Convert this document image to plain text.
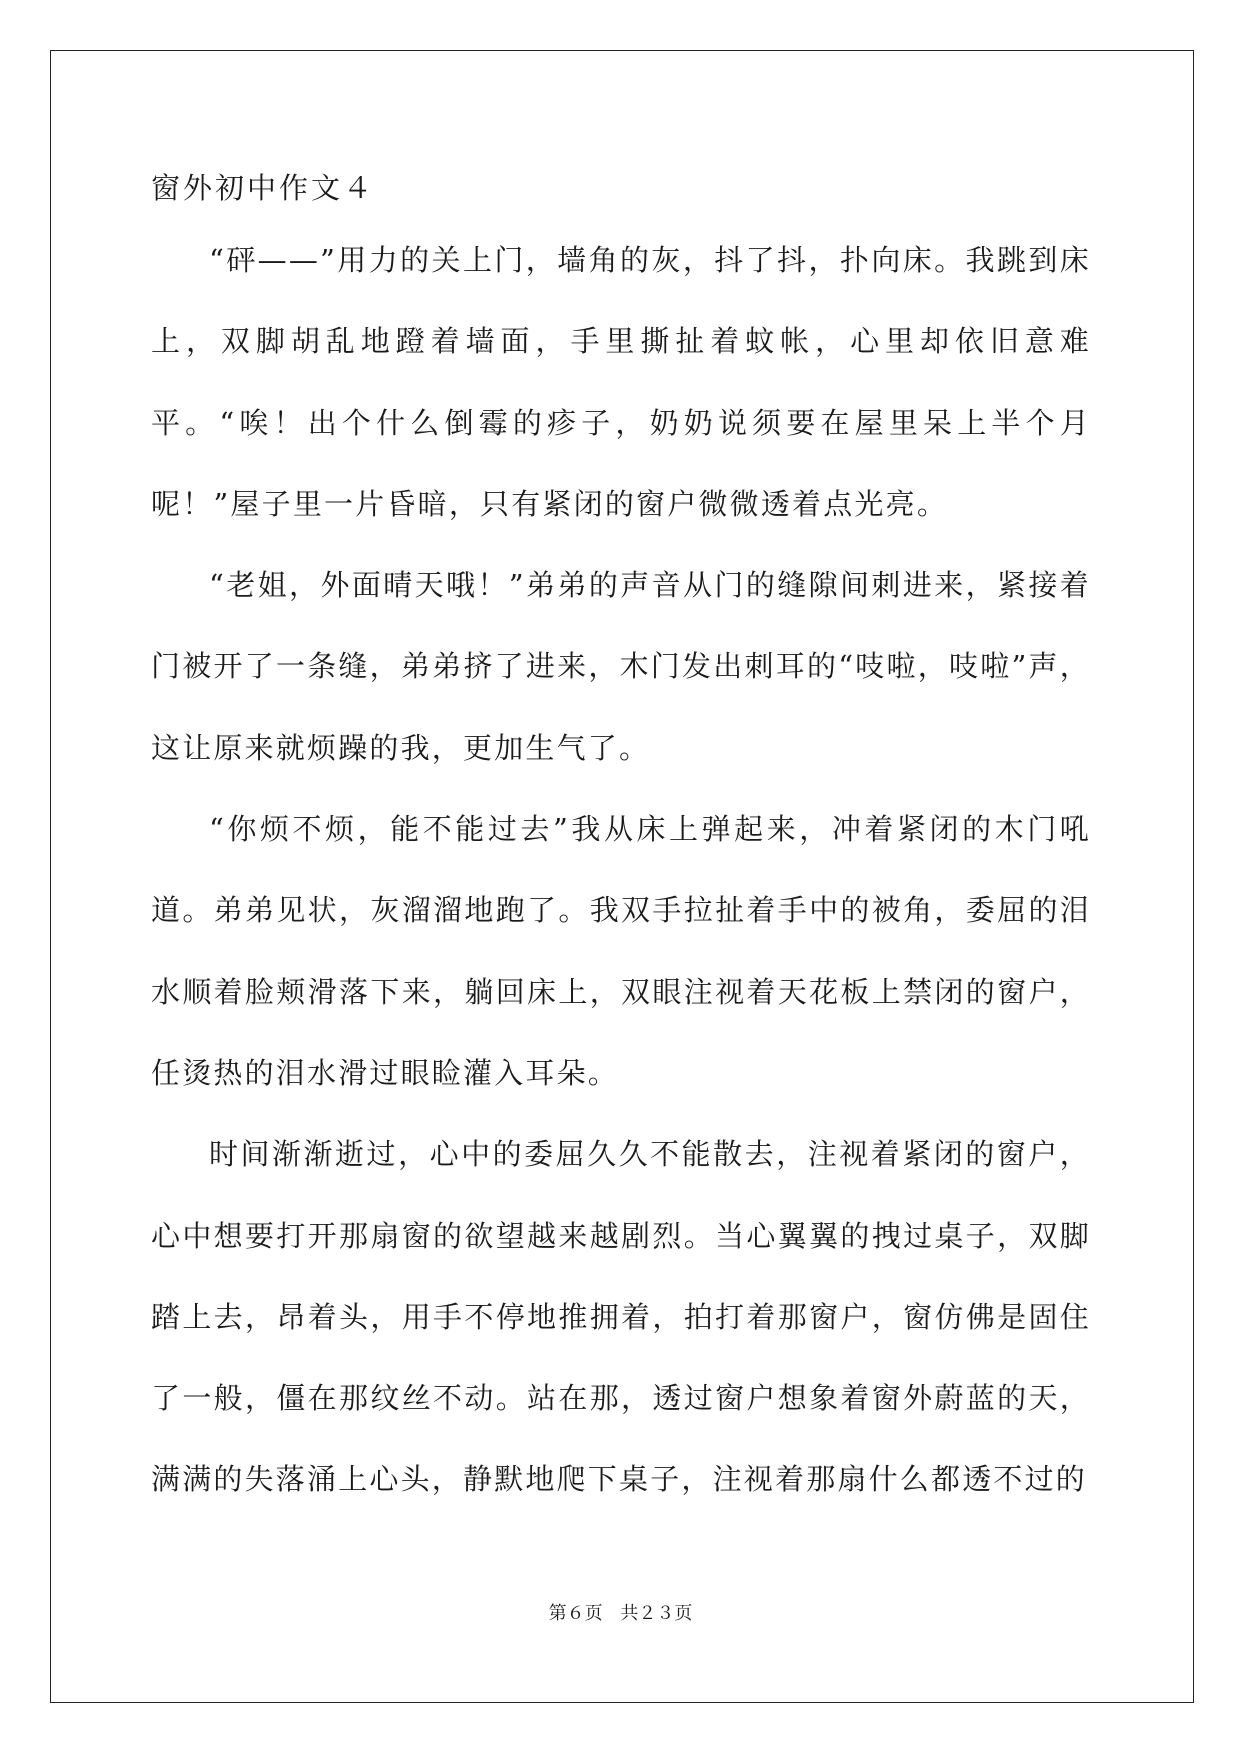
窗外初中作文４

“砰——”用力的关上门，墙角的灰，抖了抖，扑向床。我跳到床上，双脚胡乱地蹬着墙面，手里撕扯着蚊帐，心里却依旧意难平。“唉！出个什么倒霉的疹子，奶奶说须要在屋里呆上半个月呢！”屋子里一片昏暗，只有紧闭的窗户微微透着点光亮。

“老姐，外面晴天哦！”弟弟的声音从门的缝隙间刺进来，紧接着门被开了一条缝，弟弟挤了进来，木门发出刺耳的“吱啦，吱啦”声，这让原来就烦躁的我，更加生气了。

“你烦不烦，能不能过去”我从床上弹起来，冲着紧闭的木门吼道。弟弟见状，灰溜溜地跑了。我双手拉扯着手中的被角，委屈的泪水顺着脸颊滑落下来，躺回床上，双眼注视着天花板上禁闭的窗户，任烫热的泪水滑过眼睑灌入耳朵。

时间渐渐逝过，心中的委屈久久不能散去，注视着紧闭的窗户，心中想要打开那扇窗的欲望越来越剧烈。当心翼翼的拽过桌子，双脚踏上去，昂着头，用手不停地推拥着，拍打着那窗户，窗仿佛是固住了一般，僵在那纹丝不动。站在那，透过窗户想象着窗外蔚蓝的天，满满的失落涌上心头，静默地爬下桌子，注视着那扇什么都透不过的

第６页 共２３页
